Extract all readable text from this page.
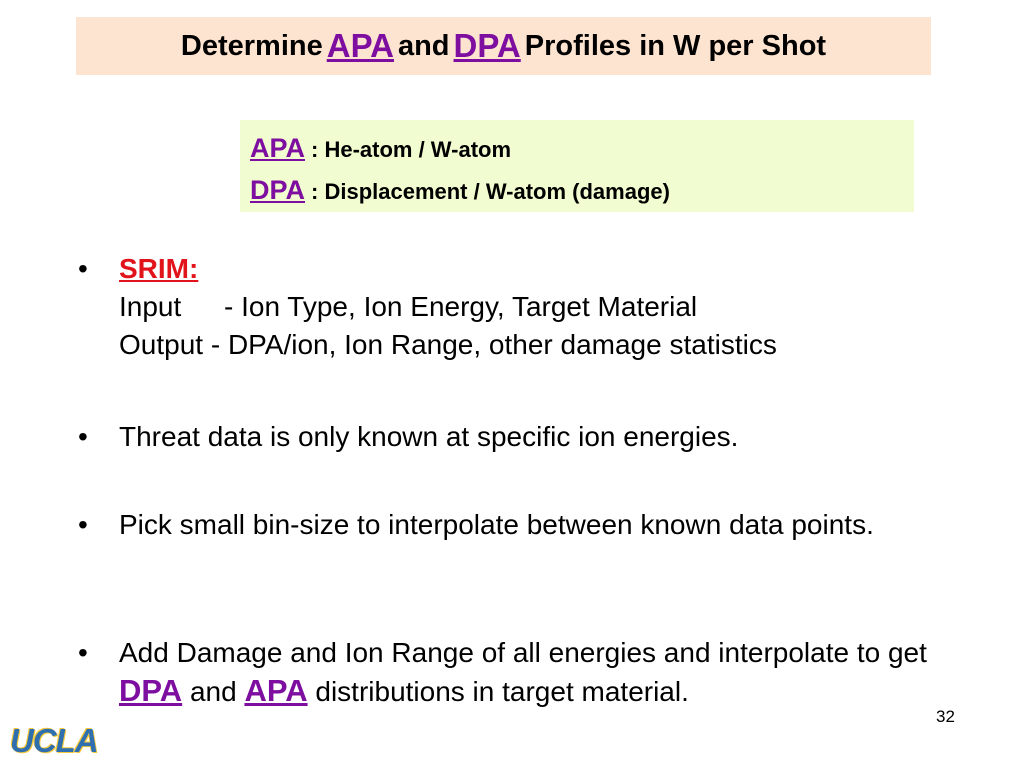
Determine APA and DPA Profiles in W per Shot
APA : He-atom / W-atom
DPA : Displacement / W-atom (damage)
• SRIM:
Input - Ion Type, Ion Energy, Target Material
Output - DPA/ion, Ion Range, other damage statistics
• Threat data is only known at specific ion energies.
• Pick small bin-size to interpolate between known data points.
• Add Damage and Ion Range of all energies and interpolate to get DPA and APA distributions in target material.
UCLA
32
